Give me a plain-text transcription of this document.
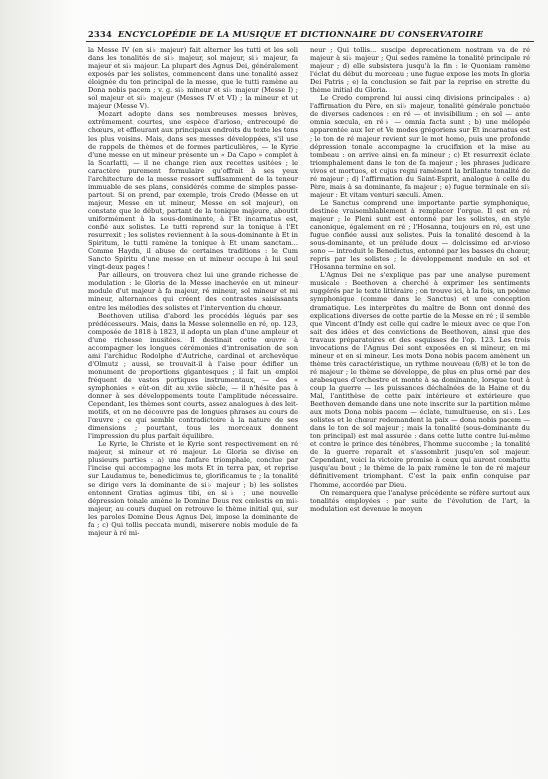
2334 ENCYCLOPÉDIE DE LA MUSIQUE ET DICTIONNAIRE DU CONSERVATOIRE

la Messe IV (en si♭ majeur) fait alterner les tutti et les soli dans les tonalités de si♭ majeur, sol majeur, si♭ majeur, fa majeur et si♭ majeur. La plupart des Agnus Dei, généralement exposés par les solistes, commencent dans une tonalité assez éloignée du ton principal de la messe, que le tutti ramène au Dona nobis pacem ; v. g. si♭ mineur et si♭ majeur (Messe I) ; sol majeur et si♭ majeur (Messes IV et VI) ; la mineur et ut majeur (Messe V).

Mozart adopte dans ses nombreuses messes brèves, extrêmement courtes, une espèce d'arioso, entrecoupé de chœurs, et effleurant aux principaux endroits du texte les tons les plus voisins. Mais, dans ses messes développées, s'il use de rappels de thèmes et de formes particulières, — le Kyrie d'une messe en ut mineur présente un « Da Capo » complet à la Scarlatti, — il ne change rien aux recettes usitées ; le caractère purement formulaire qu'offrait à ses yeux l'architecture de la messe ressort suffisamment de la teneur immuable de ses plans, considérés comme de simples passe-partout. Si on prend, par exemple, trois Credo (Messe en ut majeur, Messe en ut mineur, Messe en sol majeur), on constate que le début, partant de la tonique majeure, aboutit uniformément à la sous-dominante, à l'Et incarnatus est, confié aux solistes. Le tutti reprend sur la tonique à l'Et resurrexit ; les solistes reviennent à la sous-dominante à Et in Spiritum, le tutti ramène la tonique à Et unam sanctam... Comme Haydn, il abuse de certaines traditions : le Cum Sancto Spiritu d'une messe en ut mineur occupe à lui seul vingt-deux pages !

Par ailleurs, on trouvera chez lui une grande richesse de modulation : le Gloria de la Messe inachevée en ut mineur module d'ut majeur à fa majeur, ré mineur, sol mineur et mi mineur, alternances qui créent des contrastes saisissants entre les mélodies des solistes et l'intervention du chœur.

Beethoven utilisa d'abord les procédés légués par ses prédécesseurs. Mais, dans la Messe solennelle en ré, op. 123, composée de 1818 à 1823, il adopta un plan d'une ampleur et d'une richesse inusitées. Il destinait cette œuvre à accompagner les longues cérémonies d'intronisation de son ami l'archiduc Rodolphe d'Autriche, cardinal et archevêque d'Olmutz ; aussi, se trouvait-il à l'aise pour édifier un monument de proportions gigantesques ; il fait un emploi fréquent de vastes portiques instrumentaux, — des « symphonies » eût-on dit au xviie siècle, — il n'hésite pas à donner à ses développements toute l'amplitude nécessaire. Cependant, les thèmes sont courts, assez analogues à des leit-motifs, et on ne découvre pas de longues phrases au cours de l'œuvre ; ce qui semble contradictoire à la nature de ses dimensions ; pourtant, tous les morceaux donnent l'impression du plus parfait équilibre.

Le Kyrie, le Christe et le Kyrie sont respectivement en ré majeur, si mineur et ré majeur. Le Gloria se divise en plusieurs parties : a) une fanfare triomphale, conclue par l'incise qui accompagne les mots Et in terra pax, et reprise sur Laudamus te, benedicimus te, glorificamus te ; la tonalité se dirige vers la dominante de si♭ majeur ; b) les solistes entonnent Gratias agimus tibi, en si♭ ; une nouvelle dépression tonale amène le Domine Deus rex cœlestis en mi♭ majeur, au cours duquel on retrouve le thème initial qui, sur les paroles Domine Deus Agnus Dei, impose la dominante de fa ; c) Qui tollis peccata mundi, miserere nobis module de fa majeur à ré mi-

neur ; Qui tollis... suscipe deprecationem nostram va de ré majeur à si♭ majeur ; Qui sedes ramène la tonalité principale ré majeur ; d) elle subsistera jusqu'à la fin : le Quoniam ramène l'éclat du début du morceau ; une fugue expose les mots In gloria Dei Patris ; e) la conclusion se fait par la reprise en strette du thème initial du Gloria.

Le Credo comprend lui aussi cinq divisions principales : a) l'affirmation du Père, en si♭ majeur, tonalité générale ponctuée de diverses cadences : en ré — et invisibilium ; en sol — ante omnia sœcula, en ré♭ — omnia facta sunt ; b) une mélopée apparentée aux Ier et Ve modes grégoriens sur Et incarnatus est ; le ton de ré majeur revient sur le mot homo, puis une profonde dépression tonale accompagne la crucifixion et la mise au tombeau : on arrive ainsi en fa mineur ; c) Et resurrexit éclate triomphalement dans le ton de fa majeur ; les phrases judicare vivos et mortuos, et cujus regni ramènent la brillante tonalité de ré majeur ; d) l'affirmation du Saint-Esprit, analogue à celle du Père, mais à sa dominante, fa majeur ; e) fugue terminale en si♭ majeur : Et vitam venturi sæculi. Amen.

Le Sanctus comprend une importante partie symphonique, destinée vraisemblablement à remplacer l'orgue. Il est en ré majeur ; le Pleni sunt est entonné par les solistes, en style canonique, également en ré ; l'Hosanna, toujours en ré, est une fugue confiée aussi aux solistes. Puis la tonalité descend à la sous-dominante, et un prélude doux — dolcissimo ed ar-vioso sono — introduit le Benedictus, entonné par les basses du chœur, repris par les solistes ; le développement module en sol et l'Hosanna termine en sol.

L'Agnus Dei ne s'explique pas par une analyse purement musicale : Beethoven a cherché à exprimer les sentiments suggérés par le texte littéraire ; on trouve ici, à la fois, un poème symphonique (comme dans le Sanctus) et une conception dramatique. Les interprètes du maître de Bonn ont donné des explications diverses de cette partie de la Messe en ré ; il semble que Vincent d'Indy est celle qui cadre le mieux avec ce que l'on sait des idées et des convictions de Beethoven, ainsi que des travaux préparatoires et des esquisses de l'op. 123. Les trois invocations de l'Agnus Dei sont exposées en si mineur, en mi mineur et en si mineur. Les mots Dona nobis pacem amènent un thème très caractéristique, un rythme nouveau (6/8) et le ton de ré majeur ; le thème se développe, de plus en plus orné par des arabesques d'orchestre et monte à sa dominante, lorsque tout à coup la guerre — les puissances déchaînées de la Haine et du Mal, l'antithèse de cette paix intérieure et extérieure que Beethoven demande dans une note inscrite sur la partition même aux mots Dona nobis pacem — éclate, tumultueuse, en si♭. Les solistes et le chœur redemandent la paix — dona nobis pacem — dans le ton de sol majeur ; mais la tonalité (sous-dominante du ton principal) est mal assurée : dans cette lutte contre lui-même et contre le prince des ténèbres, l'homme succombe ; la tonalité de la guerre reparaît et s'assombrit jusqu'en sol majeur. Cependant, voici la victoire promise à ceux qui auront combattu jusqu'au bout ; le thème de la paix ramène le ton de ré majeur définitivement triomphant. C'est la paix enfin conquise par l'homme, accordée par Dieu.

On remarquera que l'analyse précédente se réfère surtout aux tonalités employées : par suite de l'évolution de l'art, la modulation est devenue le moyen
